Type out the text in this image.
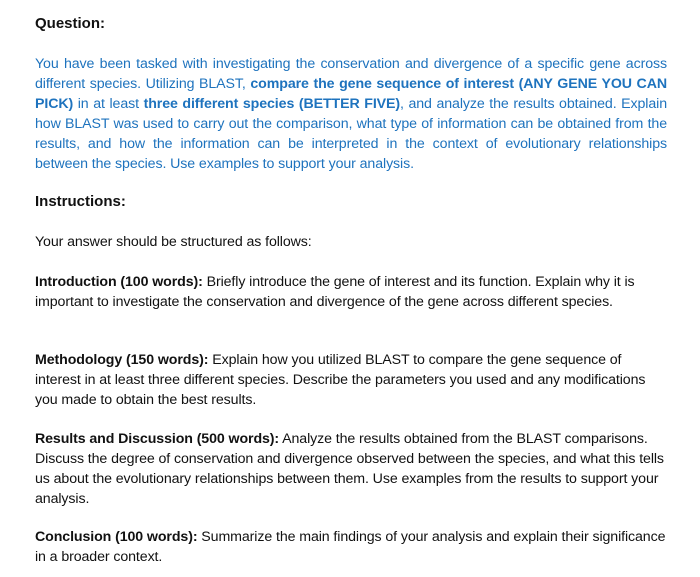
Question:
You have been tasked with investigating the conservation and divergence of a specific gene across different species. Utilizing BLAST, compare the gene sequence of interest (ANY GENE YOU CAN PICK) in at least three different species (BETTER FIVE), and analyze the results obtained. Explain how BLAST was used to carry out the comparison, what type of information can be obtained from the results, and how the information can be interpreted in the context of evolutionary relationships between the species. Use examples to support your analysis.
Instructions:
Your answer should be structured as follows:
Introduction (100 words): Briefly introduce the gene of interest and its function. Explain why it is important to investigate the conservation and divergence of the gene across different species.
Methodology (150 words): Explain how you utilized BLAST to compare the gene sequence of interest in at least three different species. Describe the parameters you used and any modifications you made to obtain the best results.
Results and Discussion (500 words): Analyze the results obtained from the BLAST comparisons. Discuss the degree of conservation and divergence observed between the species, and what this tells us about the evolutionary relationships between them. Use examples from the results to support your analysis.
Conclusion (100 words): Summarize the main findings of your analysis and explain their significance in a broader context.
